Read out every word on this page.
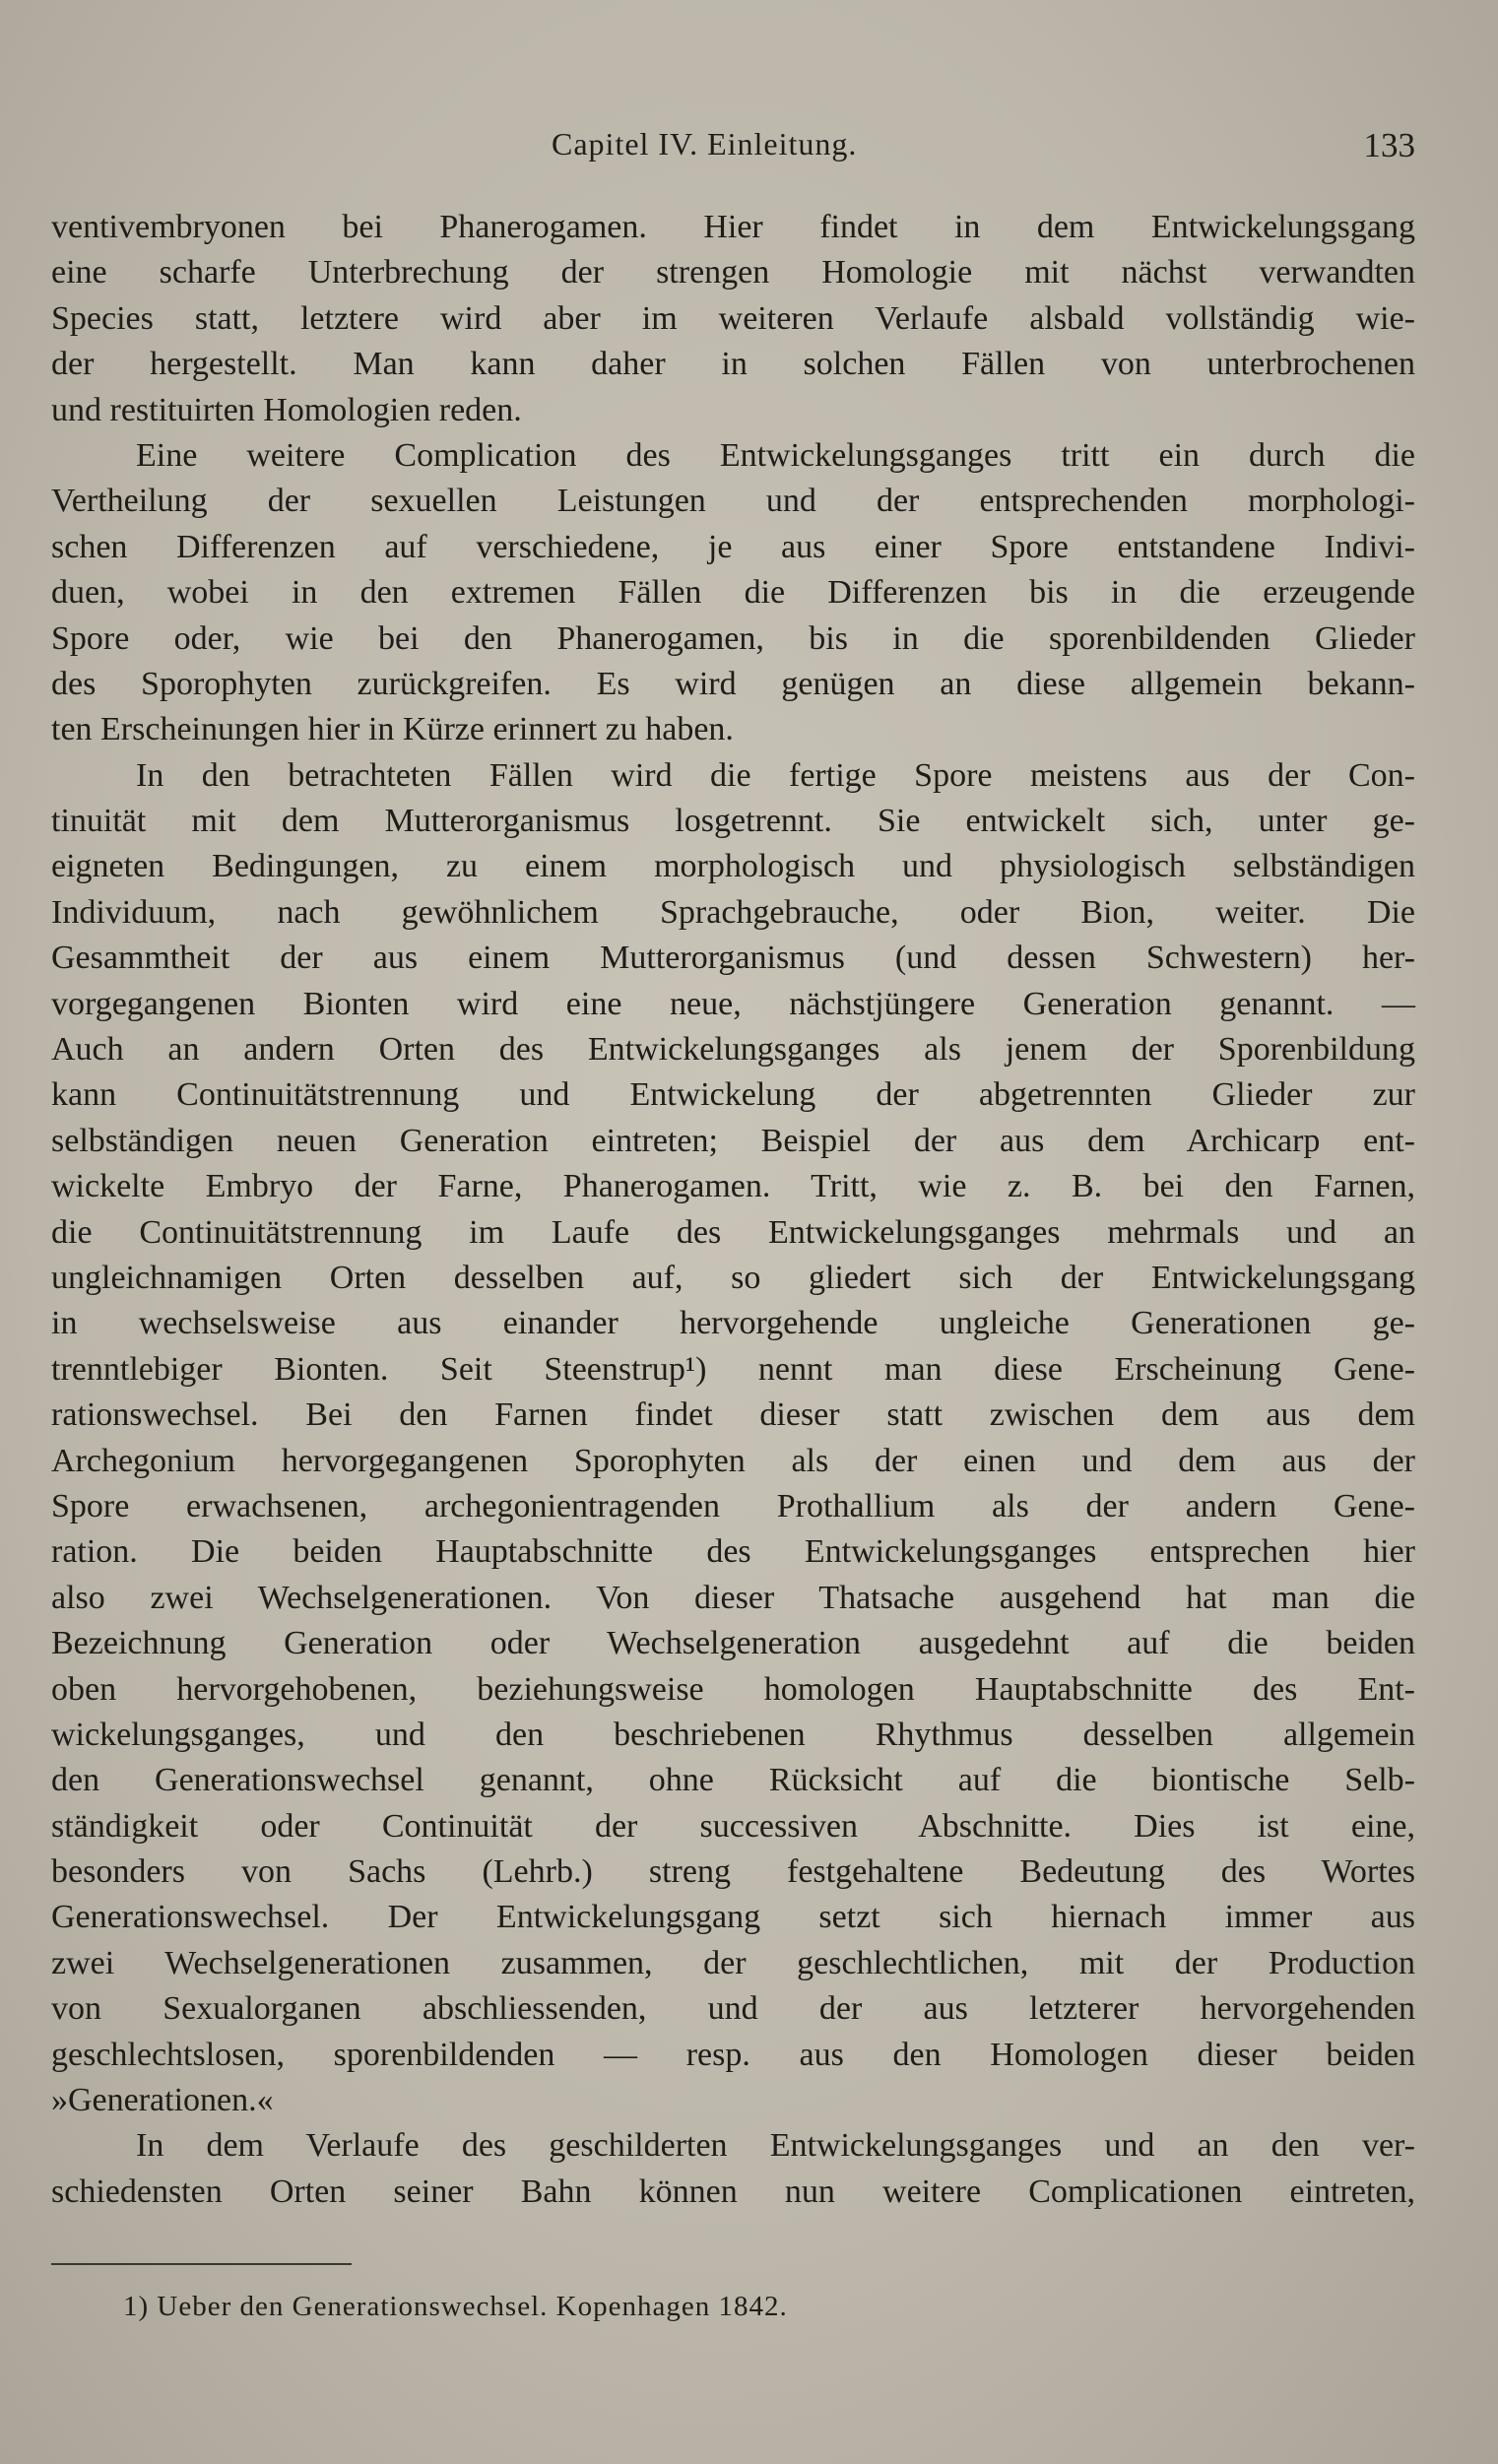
Capitel IV. Einleitung.	133
ventivembryonen bei Phanerogamen. Hier findet in dem Entwickelungsgang
eine scharfe Unterbrechung der strengen Homologie mit nächst verwandten
Species statt, letztere wird aber im weiteren Verlaufe alsbald vollständig wie-
der hergestellt. Man kann daher in solchen Fällen von unterbrochenen
und restituirten Homologien reden.
Eine weitere Complication des Entwickelungsganges tritt ein durch die
Vertheilung der sexuellen Leistungen und der entsprechenden morphologi-
schen Differenzen auf verschiedene, je aus einer Spore entstandene Indivi-
duen, wobei in den extremen Fällen die Differenzen bis in die erzeugende
Spore oder, wie bei den Phanerogamen, bis in die sporenbildenden Glieder
des Sporophyten zurückgreifen. Es wird genügen an diese allgemein bekann-
ten Erscheinungen hier in Kürze erinnert zu haben.
In den betrachteten Fällen wird die fertige Spore meistens aus der Con-
tinuität mit dem Mutterorganismus losgetrennt. Sie entwickelt sich, unter ge-
eigneten Bedingungen, zu einem morphologisch und physiologisch selbständigen
Individuum, nach gewöhnlichem Sprachgebrauche, oder Bion, weiter. Die
Gesammtheit der aus einem Mutterorganismus (und dessen Schwestern) her-
vorgegangenen Bionten wird eine neue, nächstjüngere Generation genannt. —
Auch an andern Orten des Entwickelungsganges als jenem der Sporenbildung
kann Continuitätstrennung und Entwickelung der abgetrennten Glieder zur
selbständigen neuen Generation eintreten; Beispiel der aus dem Archicarp ent-
wickelte Embryo der Farne, Phanerogamen. Tritt, wie z. B. bei den Farnen,
die Continuitätstrennung im Laufe des Entwickelungsganges mehrmals und an
ungleichnamigen Orten desselben auf, so gliedert sich der Entwickelungsgang
in wechselsweise aus einander hervorgehende ungleiche Generationen ge-
trenntlebiger Bionten. Seit Steenstrup¹) nennt man diese Erscheinung Gene-
rationswechsel. Bei den Farnen findet dieser statt zwischen dem aus dem
Archegonium hervorgegangenen Sporophyten als der einen und dem aus der
Spore erwachsenen, archegonientragenden Prothallium als der andern Gene-
ration. Die beiden Hauptabschnitte des Entwickelungsganges entsprechen hier
also zwei Wechselgenerationen. Von dieser Thatsache ausgehend hat man die
Bezeichnung Generation oder Wechselgeneration ausgedehnt auf die beiden
oben hervorgehobenen, beziehungsweise homologen Hauptabschnitte des Ent-
wickelungsganges, und den beschriebenen Rhythmus desselben allgemein
den Generationswechsel genannt, ohne Rücksicht auf die biontische Selb-
ständigkeit oder Continuität der successiven Abschnitte. Dies ist eine,
besonders von Sachs (Lehrb.) streng festgehaltene Bedeutung des Wortes
Generationswechsel. Der Entwickelungsgang setzt sich hiernach immer aus
zwei Wechselgenerationen zusammen, der geschlechtlichen, mit der Production
von Sexualorganen abschliessenden, und der aus letzterer hervorgehenden
geschlechtslosen, sporenbildenden — resp. aus den Homologen dieser beiden
»Generationen.«
In dem Verlaufe des geschilderten Entwickelungsganges und an den ver-
schiedensten Orten seiner Bahn können nun weitere Complicationen eintreten,
1) Ueber den Generationswechsel. Kopenhagen 1842.
